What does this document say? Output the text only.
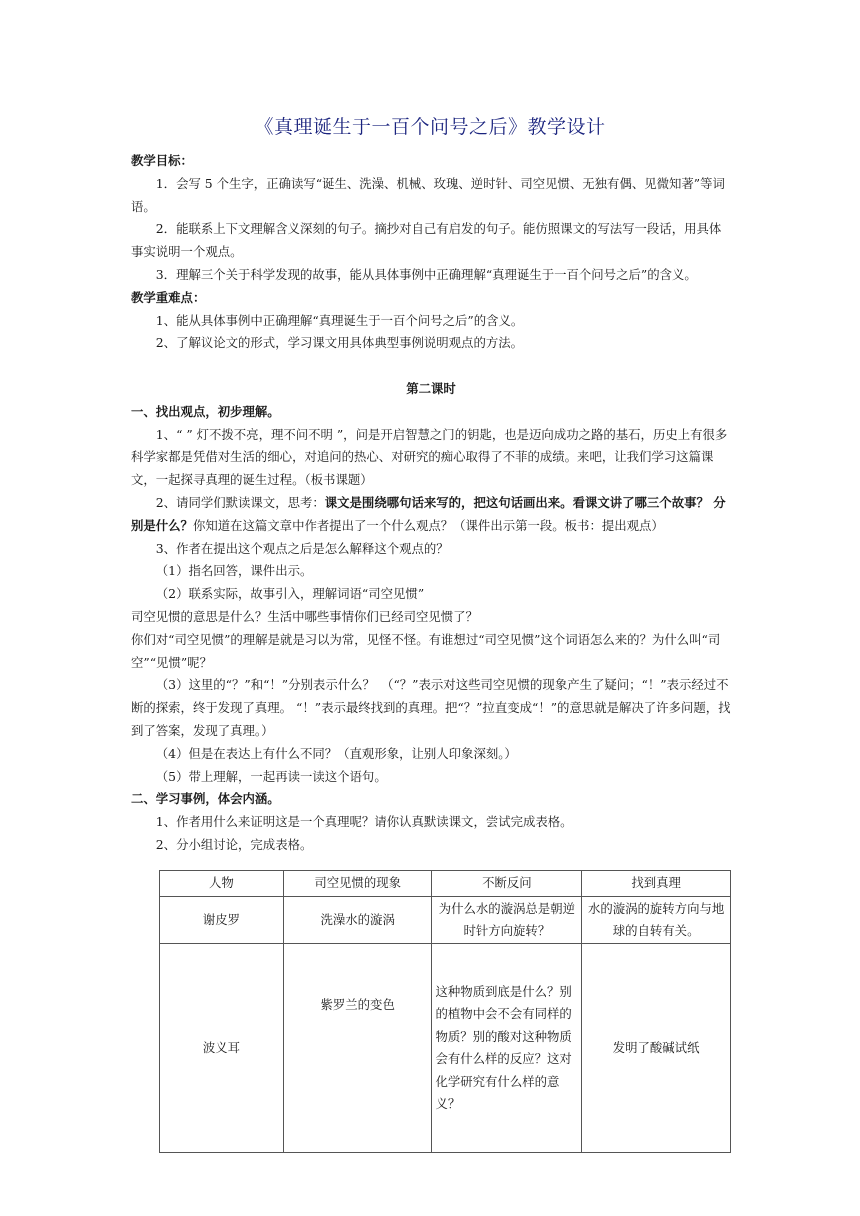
《真理诞生于一百个问号之后》教学设计

教学目标：

1．会写 5 个生字，正确读写“诞生、洗澡、机械、玫瑰、逆时针、司空见惯、无独有偶、见微知著”等词语。

2．能联系上下文理解含义深刻的句子。摘抄对自己有启发的句子。能仿照课文的写法写一段话，用具体事实说明一个观点。

3．理解三个关于科学发现的故事，能从具体事例中正确理解“真理诞生于一百个问号之后”的含义。

教学重难点：

1、能从具体事例中正确理解“真理诞生于一百个问号之后”的含义。

2、了解议论文的形式，学习课文用具体典型事例说明观点的方法。

第二课时

一、找出观点，初步理解。

1、“ ” 灯不拨不亮，理不问不明 ”，问是开启智慧之门的钥匙，也是迈向成功之路的基石，历史上有很多科学家都是凭借对生活的细心，对追问的热心、对研究的痴心取得了不菲的成绩。来吧，让我们学习这篇课文，一起探寻真理的诞生过程。（板书课题）

2、请同学们默读课文，思考：课文是围绕哪句话来写的，把这句话画出来。看课文讲了哪三个故事？ 分别是什么？你知道在这篇文章中作者提出了一个什么观点？（课件出示第一段。板书：提出观点）

3、作者在提出这个观点之后是怎么解释这个观点的？

（1）指名回答，课件出示。

（2）联系实际，故事引入，理解词语“司空见惯”

司空见惯的意思是什么？生活中哪些事情你们已经司空见惯了？

你们对“司空见惯”的理解是就是习以为常，见怪不怪。有谁想过“司空见惯”这个词语怎么来的？为什么叫“司空”“见惯”呢？

（3）这里的“？”和“！”分别表示什么？　（“？”表示对这些司空见惯的现象产生了疑问；“！”表示经过不断的探索，终于发现了真理。 “！”表示最终找到的真理。把“？”拉直变成“！”的意思就是解决了许多问题，找到了答案，发现了真理。）

（4）但是在表达上有什么不同？（直观形象，让别人印象深刻。）

（5）带上理解，一起再读一读这个语句。

二、学习事例，体会内涵。

1、作者用什么来证明这是一个真理呢？请你认真默读课文，尝试完成表格。

2、分小组讨论，完成表格。

人物	司空见惯的现象	不断反问	找到真理
谢皮罗	洗澡水的漩涡	为什么水的漩涡总是朝逆时针方向旋转？	水的漩涡的旋转方向与地球的自转有关。
波义耳	紫罗兰的变色	这种物质到底是什么？别的植物中会不会有同样的物质？别的酸对这种物质会有什么样的反应？这对化学研究有什么样的意义？	发明了酸碱试纸
